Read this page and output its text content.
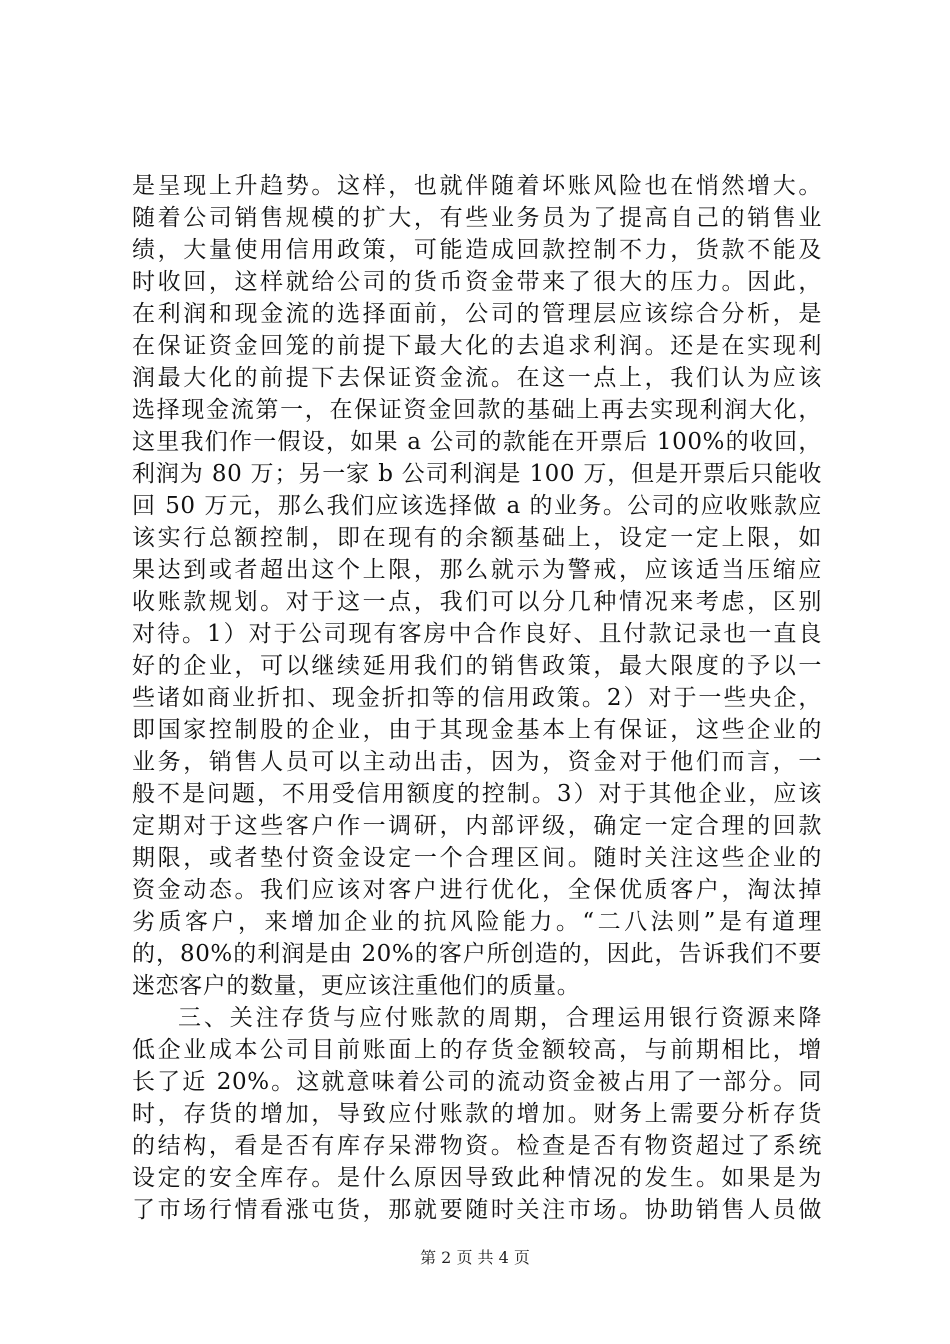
是呈现上升趋势。这样，也就伴随着坏账风险也在悄然增大。
随着公司销售规模的扩大，有些业务员为了提高自己的销售业
绩，大量使用信用政策，可能造成回款控制不力，货款不能及
时收回，这样就给公司的货币资金带来了很大的压力。因此，
在利润和现金流的选择面前，公司的管理层应该综合分析，是
在保证资金回笼的前提下最大化的去追求利润。还是在实现利
润最大化的前提下去保证资金流。在这一点上，我们认为应该
选择现金流第一，在保证资金回款的基础上再去实现利润大化，
这里我们作一假设，如果 a 公司的款能在开票后 100%的收回，
利润为 80 万；另一家 b 公司利润是 100 万，但是开票后只能收
回 50 万元，那么我们应该选择做 a 的业务。公司的应收账款应
该实行总额控制，即在现有的余额基础上，设定一定上限，如
果达到或者超出这个上限，那么就示为警戒，应该适当压缩应
收账款规划。对于这一点，我们可以分几种情况来考虑，区别
对待。1）对于公司现有客房中合作良好、且付款记录也一直良
好的企业，可以继续延用我们的销售政策，最大限度的予以一
些诸如商业折扣、现金折扣等的信用政策。2）对于一些央企，
即国家控制股的企业，由于其现金基本上有保证，这些企业的
业务，销售人员可以主动出击，因为，资金对于他们而言，一
般不是问题，不用受信用额度的控制。3）对于其他企业，应该
定期对于这些客户作一调研，内部评级，确定一定合理的回款
期限，或者垫付资金设定一个合理区间。随时关注这些企业的
资金动态。我们应该对客户进行优化，全保优质客户，淘汰掉
劣质客户，来增加企业的抗风险能力。“二八法则”是有道理
的，80%的利润是由 20%的客户所创造的，因此，告诉我们不要
迷恋客户的数量，更应该注重他们的质量。
三、关注存货与应付账款的周期，合理运用银行资源来降
低企业成本公司目前账面上的存货金额较高，与前期相比，增
长了近 20%。这就意味着公司的流动资金被占用了一部分。同
时，存货的增加，导致应付账款的增加。财务上需要分析存货
的结构，看是否有库存呆滞物资。检查是否有物资超过了系统
设定的安全库存。是什么原因导致此种情况的发生。如果是为
了市场行情看涨屯货，那就要随时关注市场。协助销售人员做
第 2 页 共 4 页
